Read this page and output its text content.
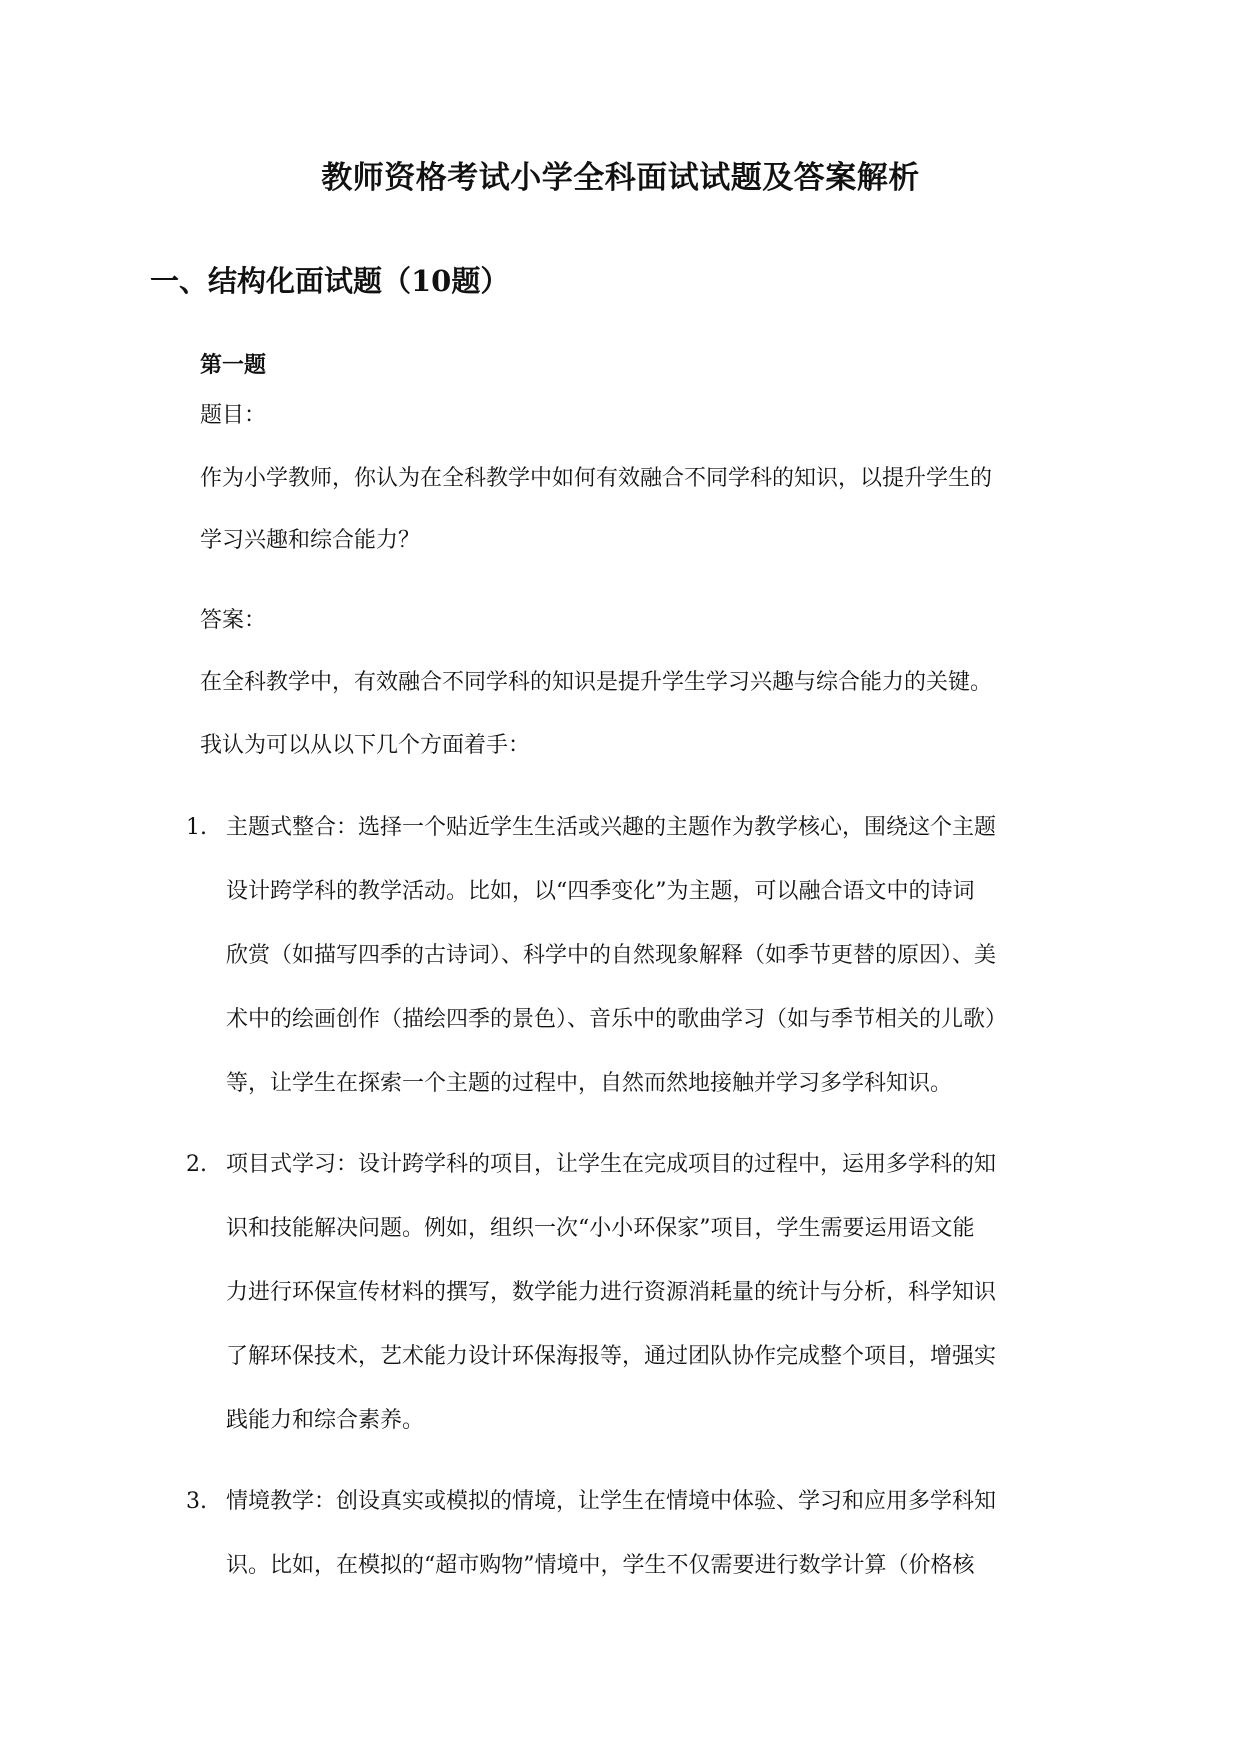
教师资格考试小学全科面试试题及答案解析
一、结构化面试题（10题）
第一题
题目：
作为小学教师，你认为在全科教学中如何有效融合不同学科的知识，以提升学生的
学习兴趣和综合能力？
答案：
在全科教学中，有效融合不同学科的知识是提升学生学习兴趣与综合能力的关键。
我认为可以从以下几个方面着手：
1. 主题式整合：选择一个贴近学生生活或兴趣的主题作为教学核心，围绕这个主题
设计跨学科的教学活动。比如，以“四季变化”为主题，可以融合语文中的诗词
欣赏（如描写四季的古诗词）、科学中的自然现象解释（如季节更替的原因）、美
术中的绘画创作（描绘四季的景色）、音乐中的歌曲学习（如与季节相关的儿歌）
等，让学生在探索一个主题的过程中，自然而然地接触并学习多学科知识。
2. 项目式学习：设计跨学科的项目，让学生在完成项目的过程中，运用多学科的知
识和技能解决问题。例如，组织一次“小小环保家”项目，学生需要运用语文能
力进行环保宣传材料的撰写，数学能力进行资源消耗量的统计与分析，科学知识
了解环保技术，艺术能力设计环保海报等，通过团队协作完成整个项目，增强实
践能力和综合素养。
3. 情境教学：创设真实或模拟的情境，让学生在情境中体验、学习和应用多学科知
识。比如，在模拟的“超市购物”情境中，学生不仅需要进行数学计算（价格核
